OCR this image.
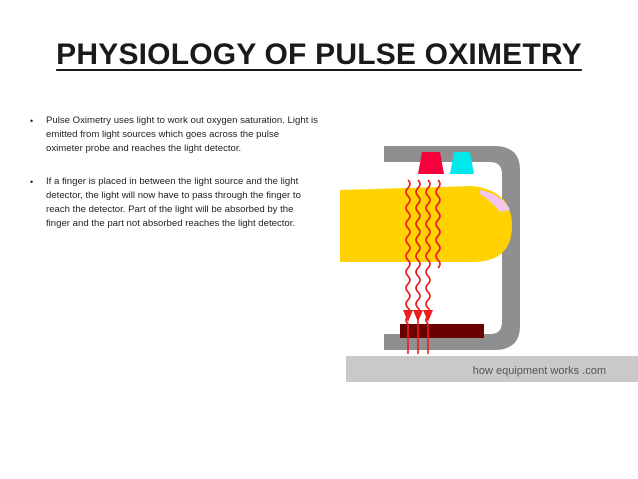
PHYSIOLOGY OF PULSE OXIMETRY
• Pulse Oximetry uses light to work out oxygen saturation. Light is emitted from light sources which goes across the pulse oximeter probe and reaches the light detector.
• If a finger is placed in between the light source and the light detector, the light will now have to pass through the finger to reach the detector. Part of the light will be absorbed by the finger and the part not absorbed reaches the light detector.
how equipment works .com
